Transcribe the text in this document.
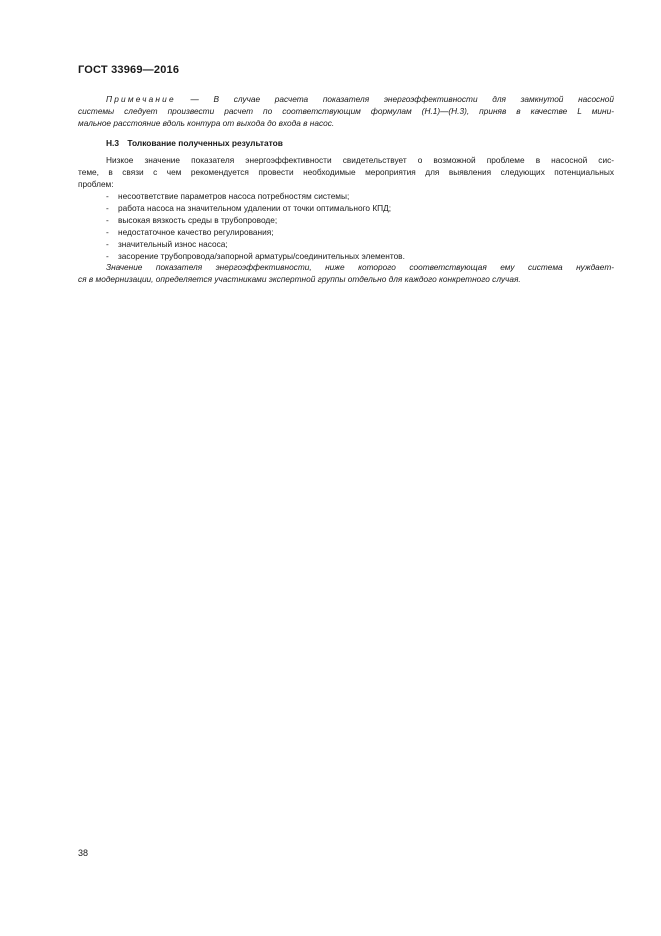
ГОСТ 33969—2016
Примечание — В случае расчета показателя энергоэффективности для замкнутой насосной
системы следует произвести расчет по соответствующим формулам (Н.1)—(Н.3), приняв в качестве L мини-
мальное расстояние вдоль контура от выхода до входа в насос.
Н.3 Толкование полученных результатов
Низкое значение показателя энергоэффективности свидетельствует о возможной проблеме в насосной сис-
теме, в связи с чем рекомендуется провести необходимые мероприятия для выявления следующих потенциальных
проблем:
- несоответствие параметров насоса потребностям системы;
- работа насоса на значительном удалении от точки оптимального КПД;
- высокая вязкость среды в трубопроводе;
- недостаточное качество регулирования;
- значительный износ насоса;
- засорение трубопровода/запорной арматуры/соединительных элементов.
Значение показателя энергоэффективности, ниже которого соответствующая ему система нуждает-
ся в модернизации, определяется участниками экспертной группы отдельно для каждого конкретного случая.
38
